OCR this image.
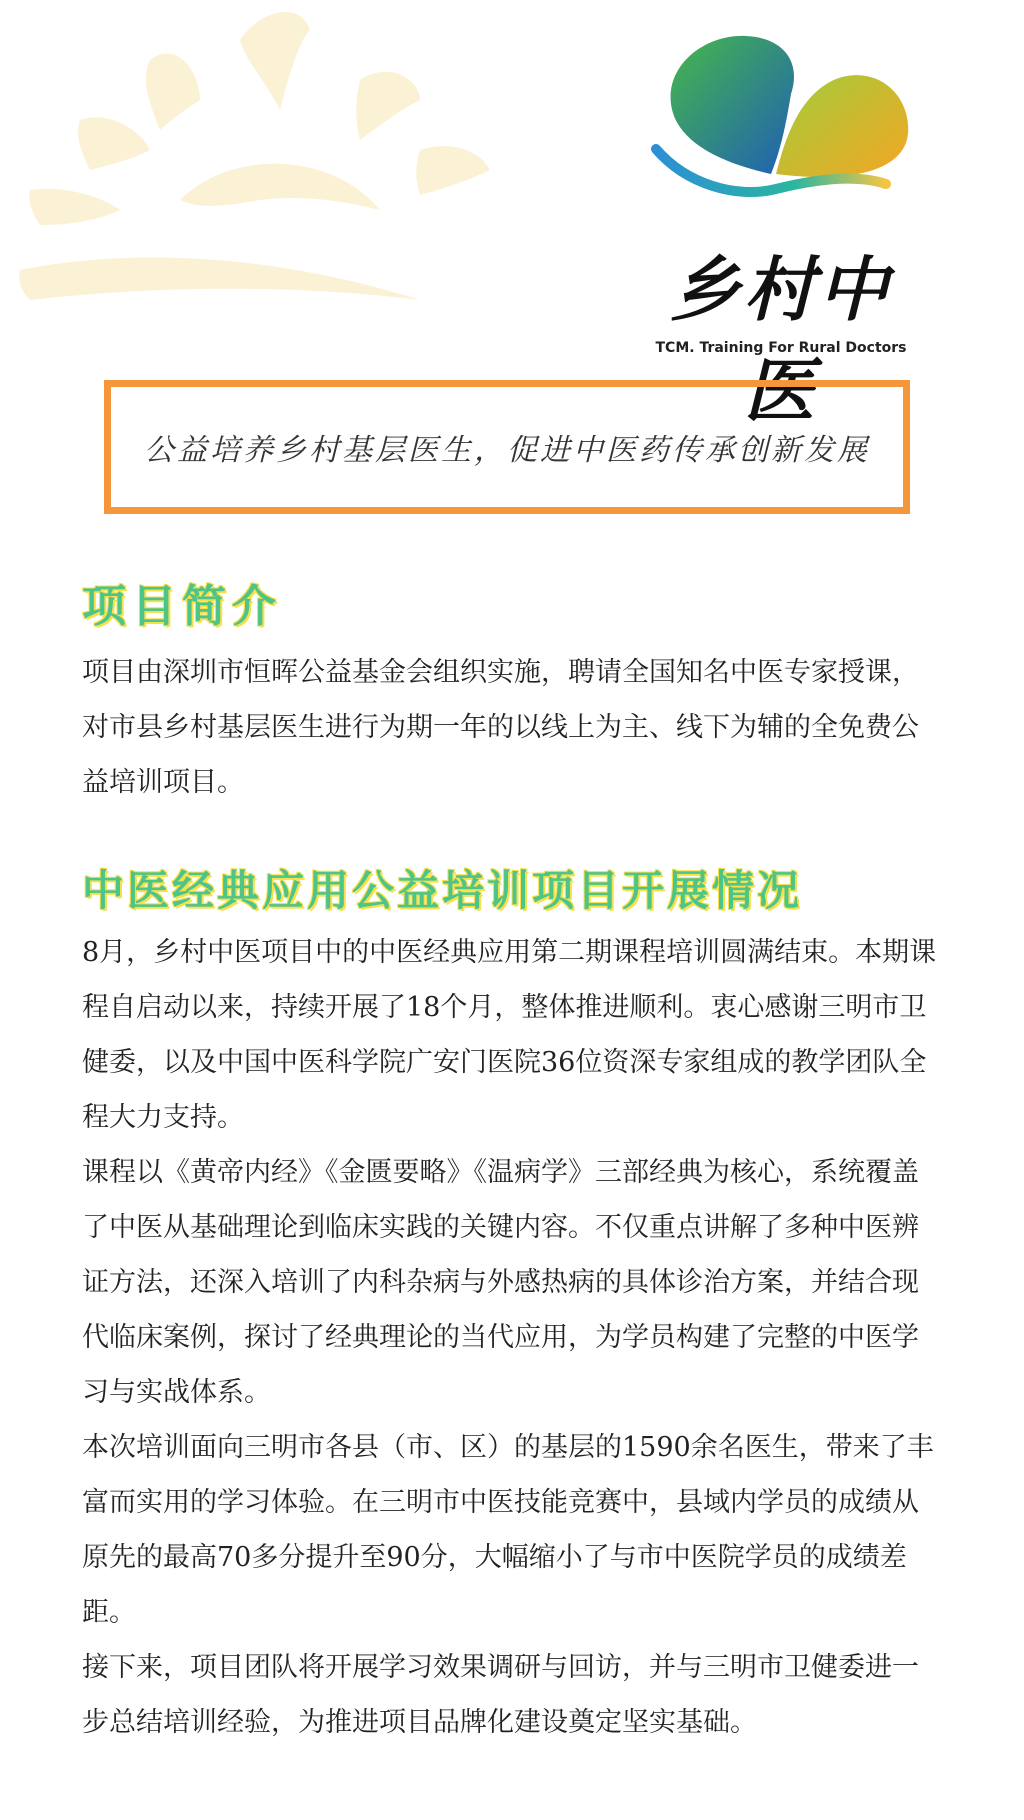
乡村中医
TCM. Training For Rural Doctors
公益培养乡村基层医生，促进中医药传承创新发展
项目简介

项目由深圳市恒晖公益基金会组织实施，聘请全国知名中医专家授课，对市县乡村基层医生进行为期一年的以线上为主、线下为辅的全免费公益培训项目。

中医经典应用公益培训项目开展情况

8月，乡村中医项目中的中医经典应用第二期课程培训圆满结束。本期课程自启动以来，持续开展了18个月，整体推进顺利。衷心感谢三明市卫健委，以及中国中医科学院广安门医院36位资深专家组成的教学团队全程大力支持。

课程以《黄帝内经》《金匮要略》《温病学》三部经典为核心，系统覆盖了中医从基础理论到临床实践的关键内容。不仅重点讲解了多种中医辨证方法，还深入培训了内科杂病与外感热病的具体诊治方案，并结合现代临床案例，探讨了经典理论的当代应用，为学员构建了完整的中医学习与实战体系。

本次培训面向三明市各县（市、区）的基层的1590余名医生，带来了丰富而实用的学习体验。在三明市中医技能竞赛中，县域内学员的成绩从原先的最高70多分提升至90分，大幅缩小了与市中医院学员的成绩差距。

接下来，项目团队将开展学习效果调研与回访，并与三明市卫健委进一步总结培训经验，为推进项目品牌化建设奠定坚实基础。
